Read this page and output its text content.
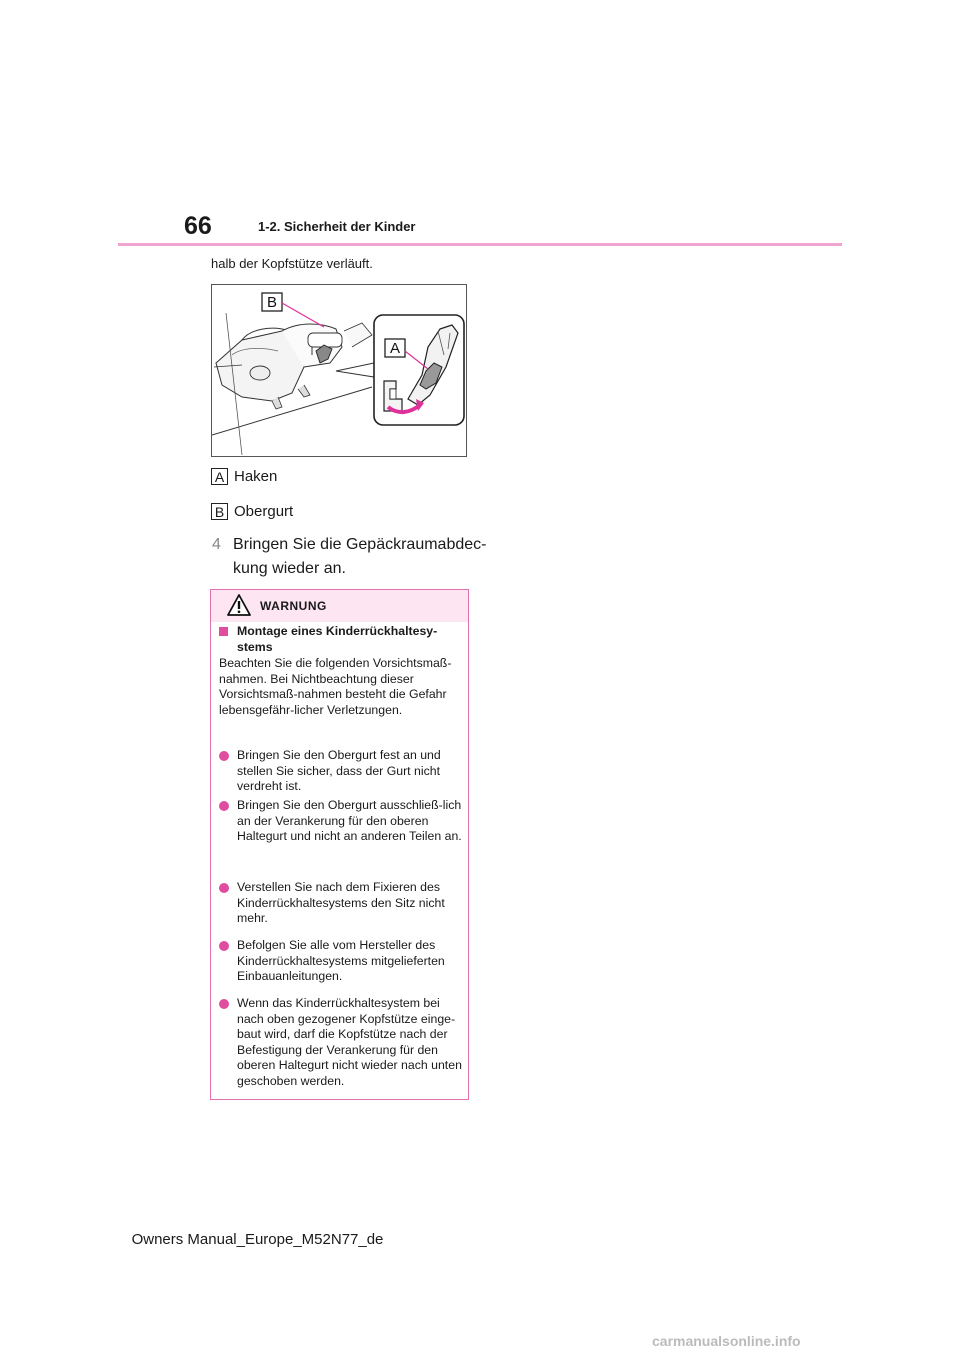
66	1-2. Sicherheit der Kinder
halb der Kopfstütze verläuft.
B
A
A Haken
B Obergurt
4 Bringen Sie die Gepäckraumabdec-kung wieder an.
WARNUNG
Montage eines Kinderrückhaltesy-stems
Beachten Sie die folgenden Vorsichtsmaß-nahmen. Bei Nichtbeachtung dieser Vorsichtsmaß-nahmen besteht die Gefahr lebensgefähr-licher Verletzungen.
Bringen Sie den Obergurt fest an und stellen Sie sicher, dass der Gurt nicht verdreht ist.
Bringen Sie den Obergurt ausschließ-lich an der Verankerung für den oberen Haltegurt und nicht an anderen Teilen an.
Verstellen Sie nach dem Fixieren des Kinderrückhaltesystems den Sitz nicht mehr.
Befolgen Sie alle vom Hersteller des Kinderrückhaltesystems mitgelieferten Einbauanleitungen.
Wenn das Kinderrückhaltesystem bei nach oben gezogener Kopfstütze einge-baut wird, darf die Kopfstütze nach der Befestigung der Verankerung für den oberen Haltegurt nicht wieder nach unten geschoben werden.
Owners Manual_Europe_M52N77_de
carmanualsonline.info
